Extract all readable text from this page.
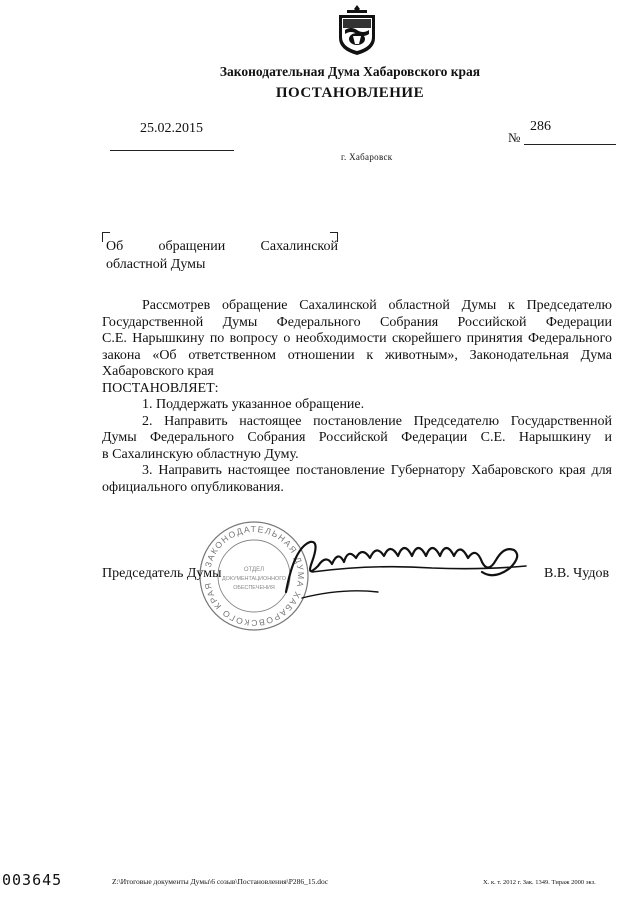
Законодательная Дума Хабаровского края
ПОСТАНОВЛЕНИЕ
25.02.2015
№
286
г. Хабаровск
Об	обращении	Сахалинской
областной Думы

Рассмотрев обращение Сахалинской областной Думы к Председателю

Государственной Думы Федерального Собрания Российской Федерации

С.Е. Нарышкину по вопросу о необходимости скорейшего принятия Федерального

закона «Об ответственном отношении к животным», Законодательная Дума

Хабаровского края

ПОСТАНОВЛЯЕТ:

1. Поддержать указанное обращение.

2. Направить настоящее постановление Председателю Государственной

Думы Федерального Собрания Российской Федерации С.Е. Нарышкину и

в Сахалинскую областную Думу.

3. Направить настоящее постановление Губернатору Хабаровского края для

официального опубликования.

ЗАКОНОДАТЕЛЬНАЯ ДУМА ХАБАРОВСКОГО КРАЯ
ОТДЕЛ
ДОКУМЕНТАЦИОННОГО
ОБЕСПЕЧЕНИЯ
Председатель Думы	В.В. Чудов
003645	Z:\Итоговые документы Думы\6 созыв\Постановления\P286_15.doc	Х. к. т. 2012 г. Зак. 1349. Тираж 2000 экз.
